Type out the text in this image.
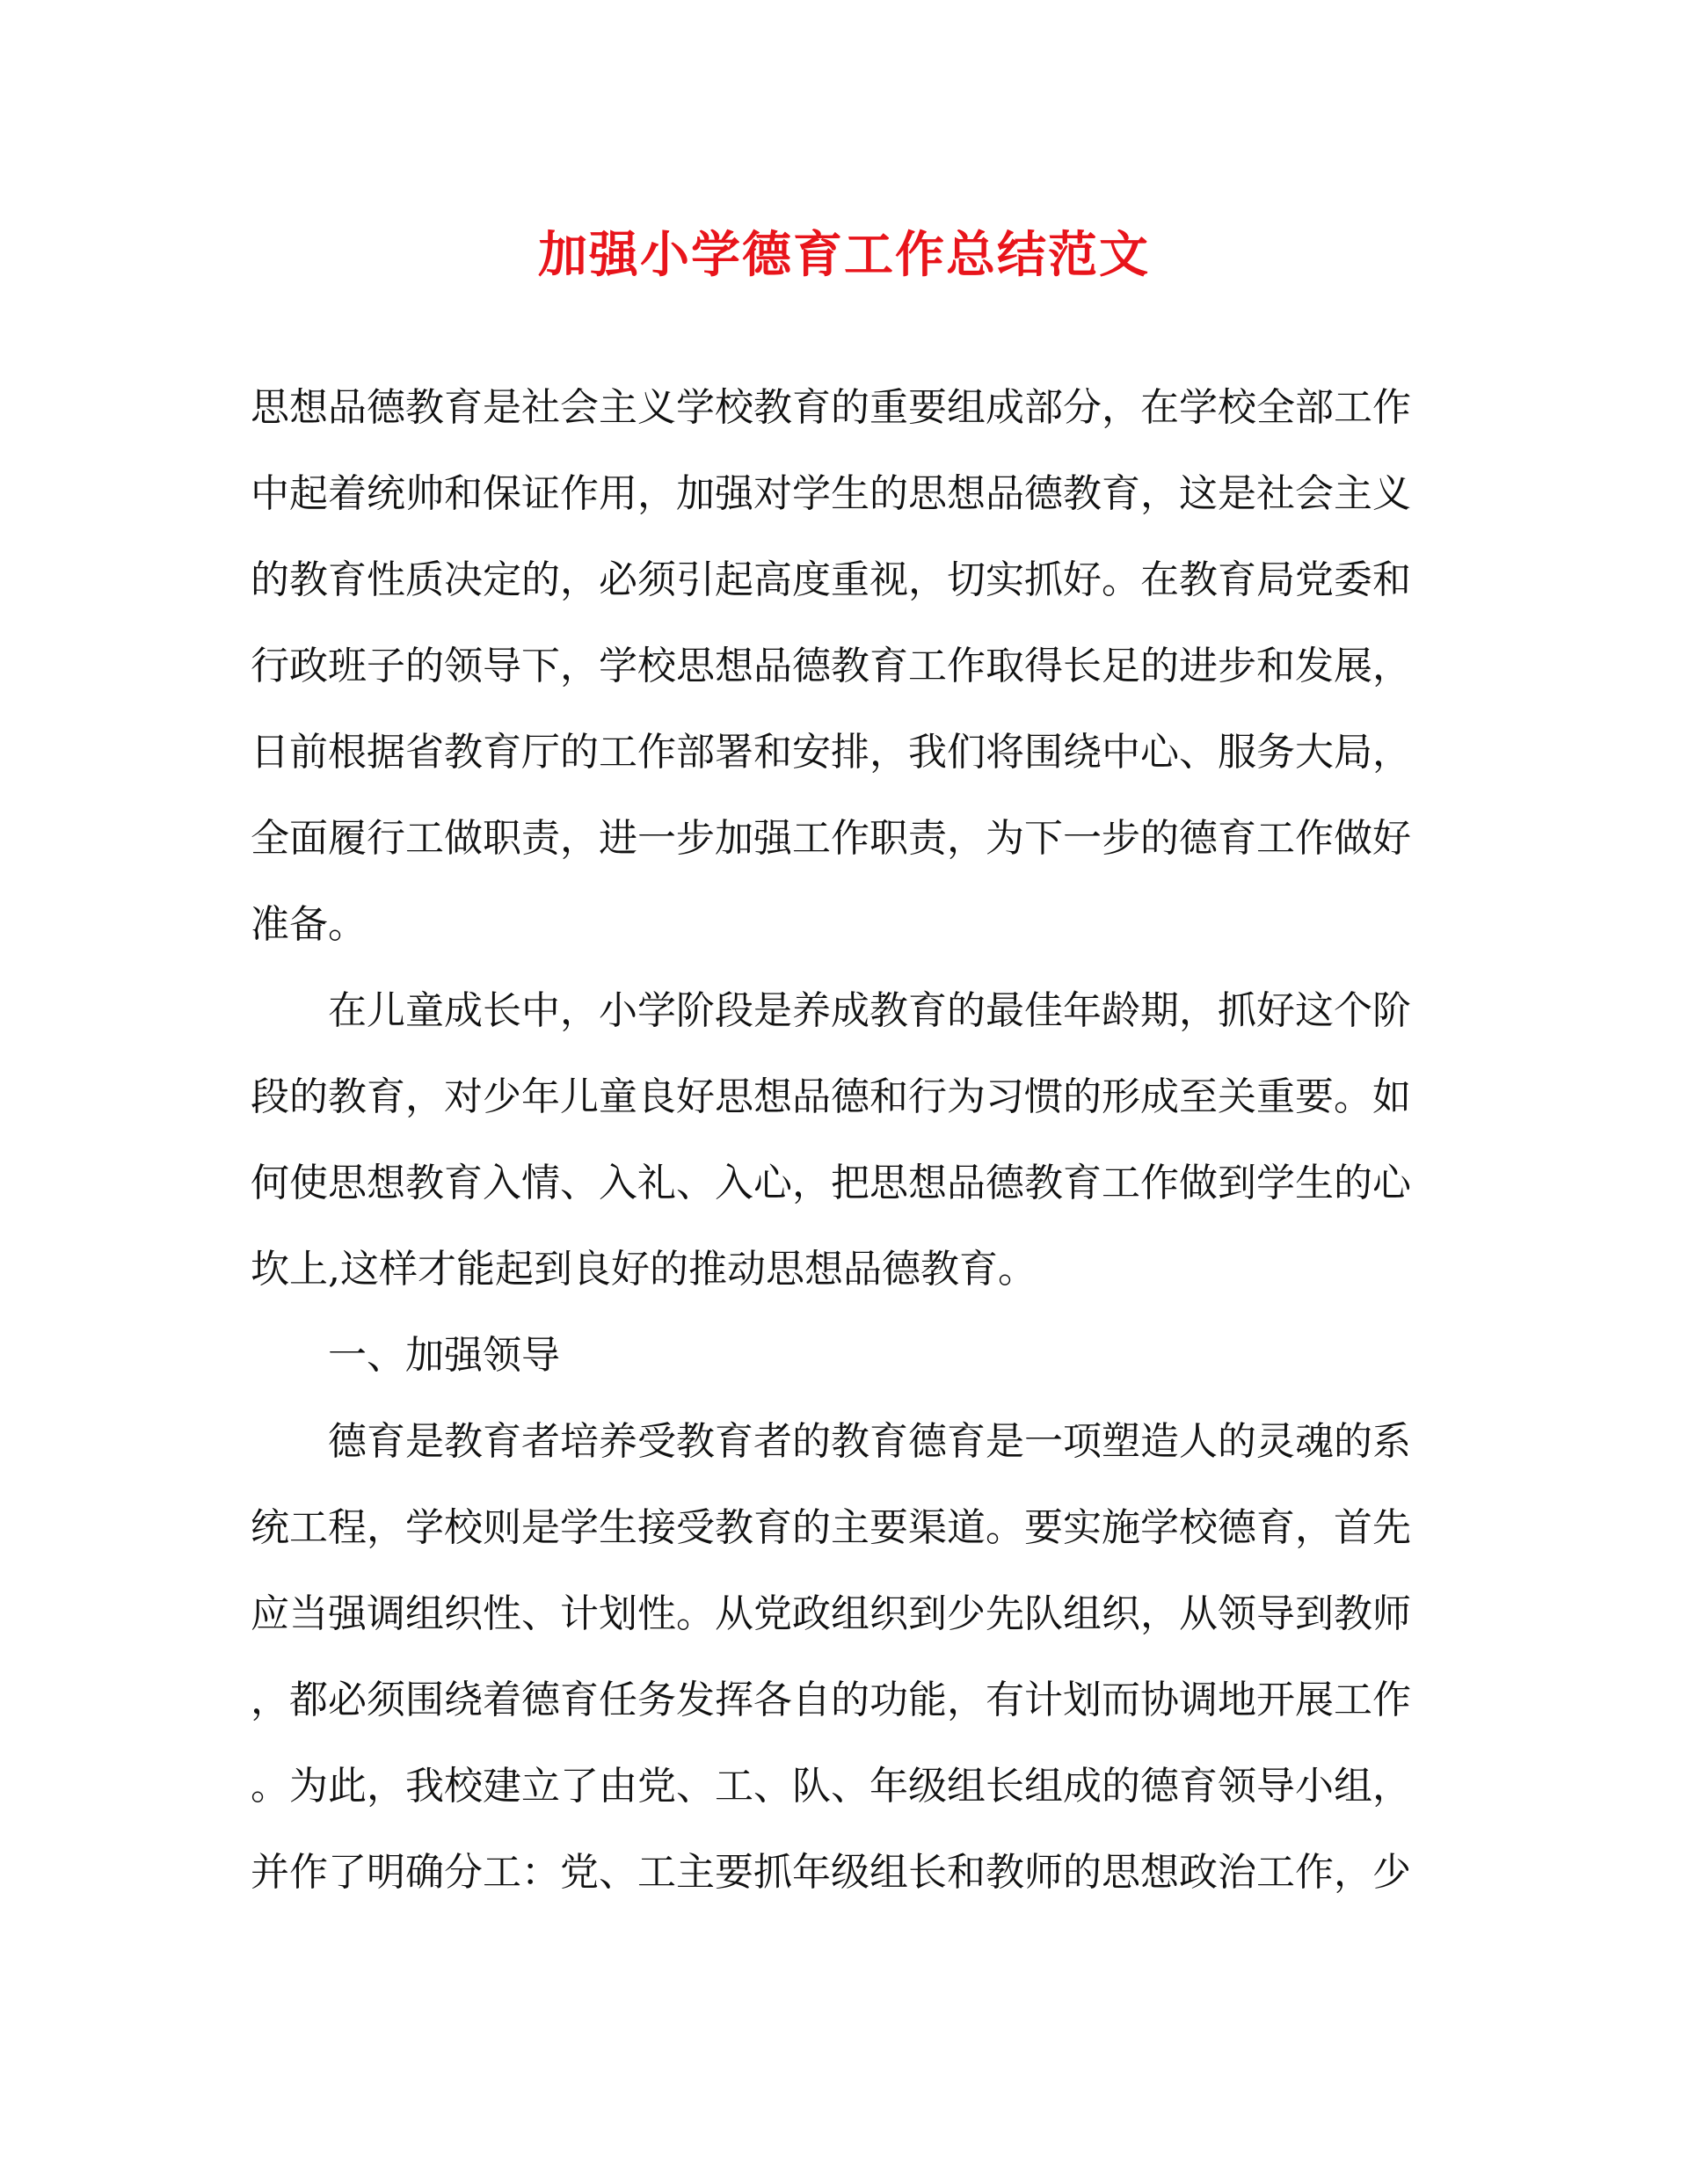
加强小学德育工作总结范文

思想品德教育是社会主义学校教育的重要组成部分，在学校全部工作

中起着统帅和保证作用，加强对学生的思想品德教育，这是社会主义

的教育性质决定的，必须引起高度重视，切实抓好。在教育局党委和

行政班子的领导下，学校思想品德教育工作取得长足的进步和发展，

日前根据省教育厅的工作部署和安排，我们将围绕中心、服务大局，

全面履行工做职责，进一步加强工作职责，为下一步的德育工作做好

准备。

在儿童成长中，小学阶段是养成教育的最佳年龄期，抓好这个阶

段的教育，对少年儿童良好思想品德和行为习惯的形成至关重要。如

何使思想教育入情、入礼、入心，把思想品德教育工作做到学生的心

坎上,这样才能起到良好的推动思想品德教育。

一、加强领导

德育是教育者培养受教育者的教育德育是一项塑造人的灵魂的系

统工程，学校则是学生接受教育的主要渠道。要实施学校德育，首先

应当强调组织性、计划性。从党政组织到少先队组织，从领导到教师

，都必须围绕着德育任务发挥各自的功能，有计划而协调地开展工作

。为此，我校建立了由党、工、队、年级组长组成的德育领导小组，

并作了明确分工：党、工主要抓年级组长和教师的思想政治工作，少
